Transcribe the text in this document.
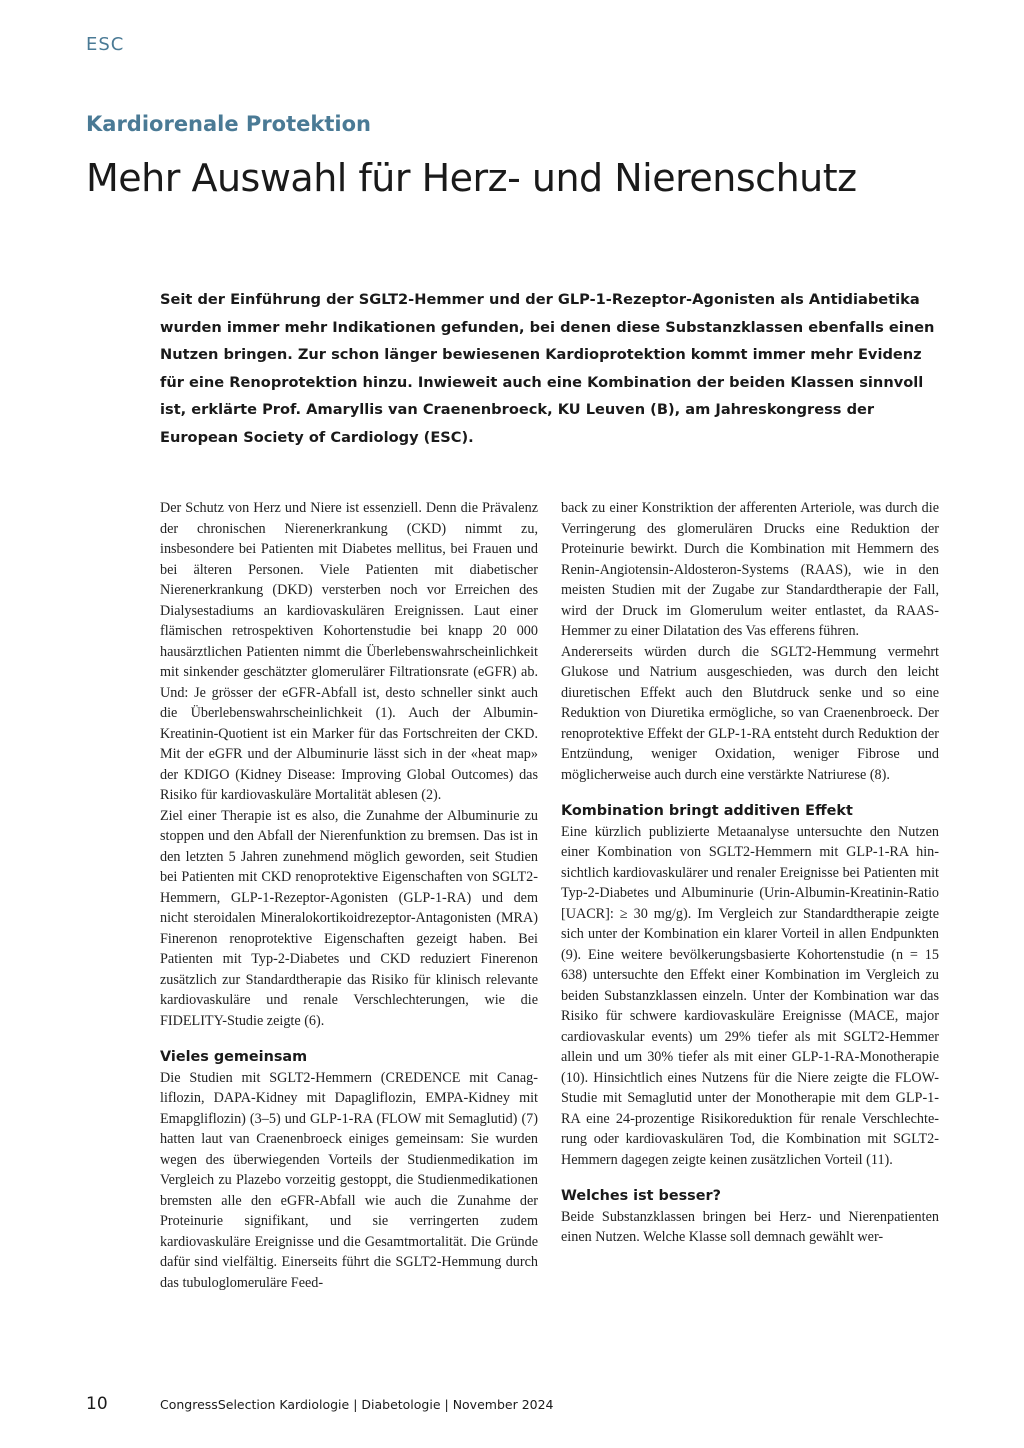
ESC
Kardiorenale Protektion
Mehr Auswahl für Herz- und Nierenschutz

Seit der Einführung der SGLT2-Hemmer und der GLP-1-Rezeptor-Agonisten als Antidiabetika wurden immer mehr Indikationen gefunden, bei denen diese Substanzklassen ebenfalls einen Nutzen bringen. Zur schon länger bewiesenen Kardioprotektion kommt immer mehr Evidenz für eine Renoprotektion hinzu. Inwieweit auch eine Kombination der beiden Klassen sinnvoll ist, erklärte Prof. Amaryllis van Craenenbroeck, KU Leuven (B), am Jahreskongress der European Society of Cardiology (ESC).

Der Schutz von Herz und Niere ist essenziell. Denn die Prävalenz der chronischen Nierenerkrankung (CKD) nimmt zu, insbesondere bei Patienten mit Diabetes mellitus, bei Frauen und bei älteren Personen. Viele Patienten mit diabetischer Nierenerkrankung (DKD) versterben noch vor Erreichen des Dialysestadiums an kardiovaskulären Ereignissen. Laut einer flämischen retrospektiven Kohortenstudie bei knapp 20 000 hausärztlichen Patienten nimmt die Überlebenswahrscheinlichkeit mit sinkender geschätzter glomerulärer Filtrationsrate (eGFR) ab. Und: Je grösser der eGFR-Abfall ist, desto schneller sinkt auch die Überlebenswahrscheinlichkeit (1). Auch der Albumin-Kreatinin-Quotient ist ein Marker für das Fortschreiten der CKD. Mit der eGFR und der Albuminurie lässt sich in der «heat map» der KDIGO (Kidney Disease: Improving Global Outcomes) das Risiko für kardiovaskuläre Mortalität ablesen (2).

Ziel einer Therapie ist es also, die Zunahme der Albuminurie zu stoppen und den Abfall der Nierenfunktion zu bremsen. Das ist in den letzten 5 Jahren zunehmend möglich geworden, seit Studien bei Patienten mit CKD renoprotektive Eigenschaften von SGLT2-Hemmern, GLP-1-Rezeptor-Agonisten (GLP-1-RA) und dem nicht steroidalen Mineralokortikoidrezeptor-Antagonisten (MRA) Finerenon renoprotektive Eigenschaften gezeigt haben. Bei Patienten mit Typ-2-Diabetes und CKD reduziert Finerenon zusätzlich zur Standardtherapie das Risiko für klinisch relevante kardiovaskuläre und renale Verschlechterungen, wie die FIDELITY-Studie zeigte (6).

Vieles gemeinsam

Die Studien mit SGLT2-Hemmern (CREDENCE mit Canagliflozin, DAPA-Kidney mit Dapagliflozin, EMPA-Kidney mit Emapgliflozin) (3–5) und GLP-1-RA (FLOW mit Semaglutid) (7) hatten laut van Craenenbroeck einiges gemeinsam: Sie wurden wegen des überwiegenden Vorteils der Studienmedikation im Vergleich zu Plazebo vorzeitig gestoppt, die Studienmedikationen bremsten alle den eGFR-Abfall wie auch die Zunahme der Proteinurie signifikant, und sie verringerten zudem kardiovaskuläre Ereignisse und die Gesamtmortalität. Die Gründe dafür sind vielfältig. Einerseits führt die SGLT2-Hemmung durch das tubuloglomeruläre Feed-

back zu einer Konstriktion der afferenten Arteriole, was durch die Verringerung des glomerulären Drucks eine Reduktion der Proteinurie bewirkt. Durch die Kombination mit Hemmern des Renin-Angiotensin-Aldosteron-Systems (RAAS), wie in den meisten Studien mit der Zugabe zur Standardtherapie der Fall, wird der Druck im Glomerulum weiter entlastet, da RAAS-Hemmer zu einer Dilatation des Vas efferens führen.

Andererseits würden durch die SGLT2-Hemmung vermehrt Glukose und Natrium ausgeschieden, was durch den leicht diuretischen Effekt auch den Blutdruck senke und so eine Reduktion von Diuretika ermögliche, so van Craenenbroeck. Der renoprotektive Effekt der GLP-1-RA entsteht durch Reduktion der Entzündung, weniger Oxidation, weniger Fibrose und möglicherweise auch durch eine verstärkte Natriurese (8).

Kombination bringt additiven Effekt

Eine kürzlich publizierte Metaanalyse untersuchte den Nutzen einer Kombination von SGLT2-Hemmern mit GLP-1-RA hinsichtlich kardiovaskulärer und renaler Ereignisse bei Patienten mit Typ-2-Diabetes und Albuminurie (Urin-Albumin-Kreatinin-Ratio [UACR]: ≥ 30 mg/g). Im Vergleich zur Standardtherapie zeigte sich unter der Kombination ein klarer Vorteil in allen Endpunkten (9). Eine weitere bevölkerungsbasierte Kohortenstudie (n = 15 638) untersuchte den Effekt einer Kombination im Vergleich zu beiden Substanzklassen einzeln. Unter der Kombination war das Risiko für schwere kardiovaskuläre Ereignisse (MACE, major cardiovaskular events) um 29% tiefer als mit SGLT2-Hemmer allein und um 30% tiefer als mit einer GLP-1-RA-Monotherapie (10). Hinsichtlich eines Nutzens für die Niere zeigte die FLOW-Studie mit Semaglutid unter der Monotherapie mit dem GLP-1-RA eine 24-prozentige Risikoreduktion für renale Verschlechterung oder kardiovaskulären Tod, die Kombination mit SGLT2-Hemmern dagegen zeigte keinen zusätzlichen Vorteil (11).

Welches ist besser?

Beide Substanzklassen bringen bei Herz- und Nierenpatienten einen Nutzen. Welche Klasse soll demnach gewählt wer-

10	CongressSelection Kardiologie | Diabetologie | November 2024
